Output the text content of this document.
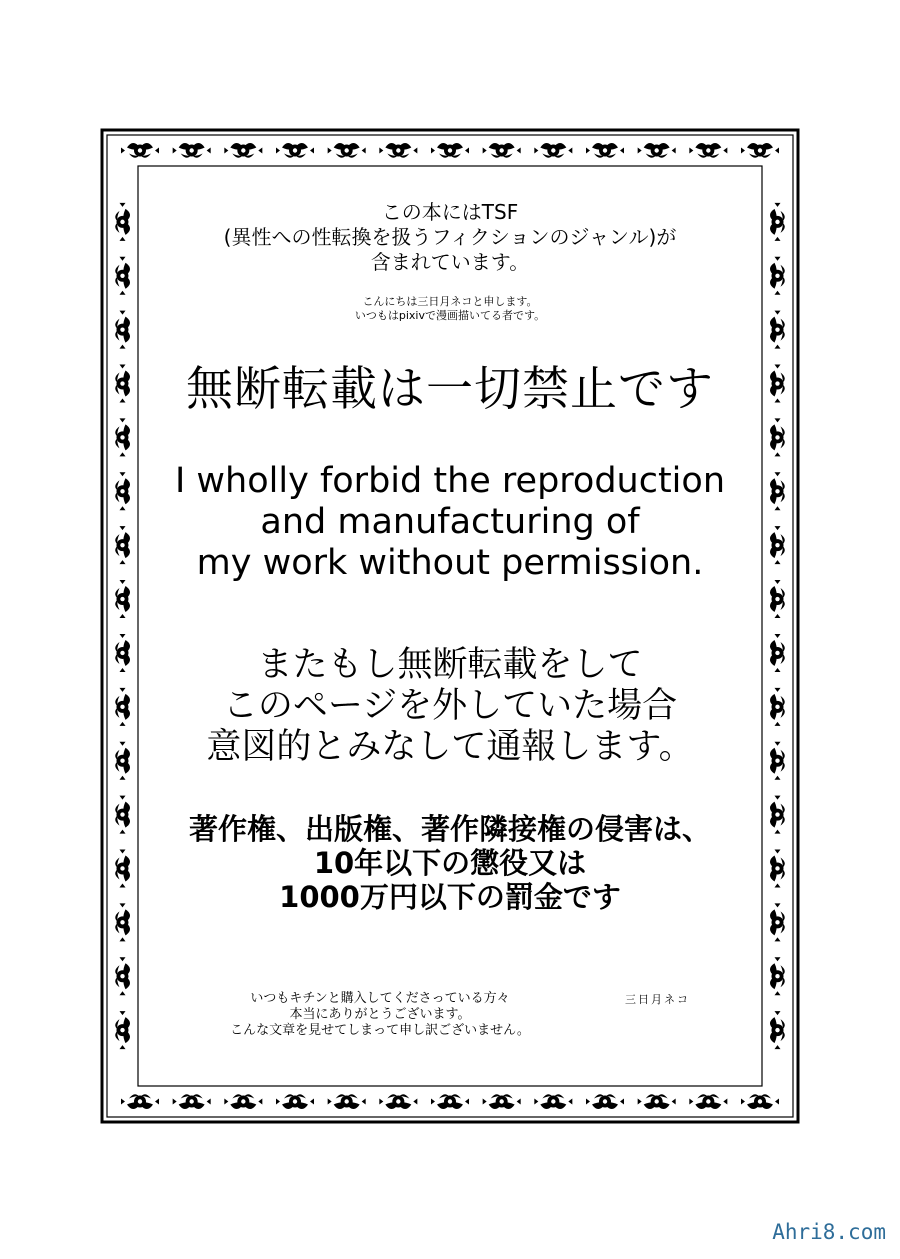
この本にはTSF
(異性への性転換を扱うフィクションのジャンル)が
含まれています。
こんにちは三日月ネコと申します。
いつもはpixivで漫画描いてる者です。
無断転載は一切禁止です
I wholly forbid the reproduction
and manufacturing of
my work without permission.
またもし無断転載をして
このページを外していた場合
意図的とみなして通報します。
著作権、出版権、著作隣接権の侵害は、
10年以下の懲役又は
1000万円以下の罰金です
いつもキチンと購入してくださっている方々
本当にありがとうございます。
こんな文章を見せてしまって申し訳ございません。
三日月ネコ
Ahri8.com
